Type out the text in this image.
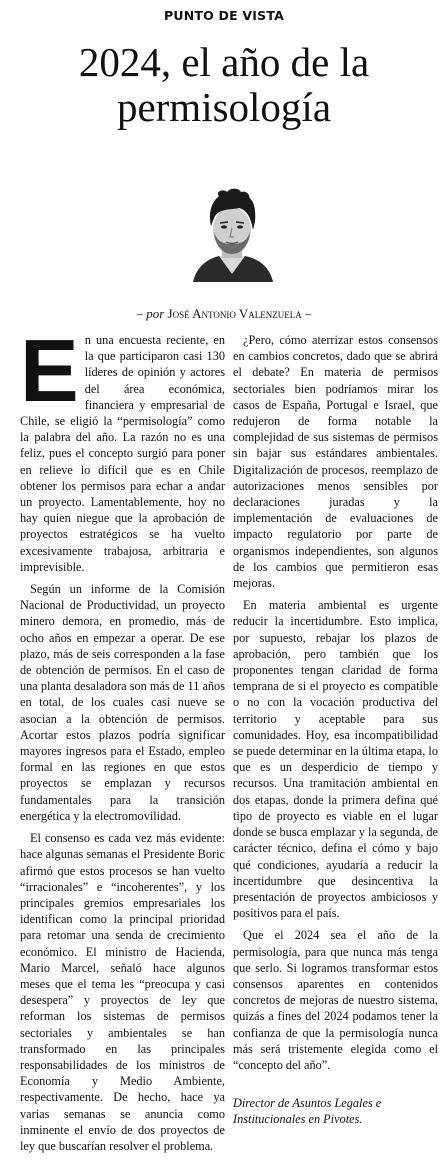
PUNTO DE VISTA
2024, el año de la permisología
– por José Antonio Valenzuela –

En una encuesta reciente, en la que participaron casi 130 líderes de opinión y actores del área económica, financiera y empresarial de Chile, se eligió la “permisología” como la palabra del año. La razón no es una feliz, pues el concepto surgió para poner en relieve lo difícil que es en Chile obtener los permisos para echar a andar un proyecto. Lamentablemente, hoy no hay quien niegue que la aprobación de proyectos estratégicos se ha vuelto excesivamente trabajosa, arbitraria e imprevisible.

Según un informe de la Comisión Nacional de Productividad, un proyecto minero demora, en promedio, más de ocho años en empezar a operar. De ese plazo, más de seis corresponden a la fase de obtención de permisos. En el caso de una planta desaladora son más de 11 años en total, de los cuales casi nueve se asocian a la obtención de permisos. Acortar estos plazos podría significar mayores ingresos para el Estado, empleo formal en las regiones en que estos proyectos se emplazan y recursos fundamentales para la transición energética y la electromovilidad.

El consenso es cada vez más evidente: hace algunas semanas el Presidente Boric afirmó que estos procesos se han vuelto “irracionales” e “incoherentes”, y los principales gremios empresariales los identifican como la principal prioridad para retomar una senda de crecimiento económico. El ministro de Hacienda, Mario Marcel, señaló hace algunos meses que el tema les “preocupa y casi desespera” y proyectos de ley que reforman los sistemas de permisos sectoriales y ambientales se han transformado en las principales responsabilidades de los ministros de Economía y Medio Ambiente, respectivamente. De hecho, hace ya varias semanas se anuncia como inminente el envío de dos proyectos de ley que buscarían resolver el problema.

¿Pero, cómo aterrizar estos consensos en cambios concretos, dado que se abrirá el debate? En materia de permisos sectoriales bien podríamos mirar los casos de España, Portugal e Israel, que redujeron de forma notable la complejidad de sus sistemas de permisos sin bajar sus estándares ambientales. Digitalización de procesos, reemplazo de autorizaciones menos sensibles por declaraciones juradas y la implementación de evaluaciones de impacto regulatorio por parte de organismos independientes, son algunos de los cambios que permitieron esas mejoras.

En materia ambiental es urgente reducir la incertidumbre. Esto implica, por supuesto, rebajar los plazos de aprobación, pero también que los proponentes tengan claridad de forma temprana de si el proyecto es compatible o no con la vocación productiva del territorio y aceptable para sus comunidades. Hoy, esa incompatibilidad se puede determinar en la última etapa, lo que es un desperdicio de tiempo y recursos. Una tramitación ambiental en dos etapas, donde la primera defina qué tipo de proyecto es viable en el lugar donde se busca emplazar y la segunda, de carácter técnico, defina el cómo y bajo qué condiciones, ayudaría a reducir la incertidumbre que desincentiva la presentación de proyectos ambiciosos y positivos para el país.

Que el 2024 sea el año de la permisología, para que nunca más tenga que serlo. Si logramos transformar estos consensos aparentes en contenidos concretos de mejoras de nuestro sistema, quizás a fines del 2024 podamos tener la confianza de que la permisología nunca más será tristemente elegida como el “concepto del año”.

Director de Asuntos Legales e Institucionales en Pivotes.
